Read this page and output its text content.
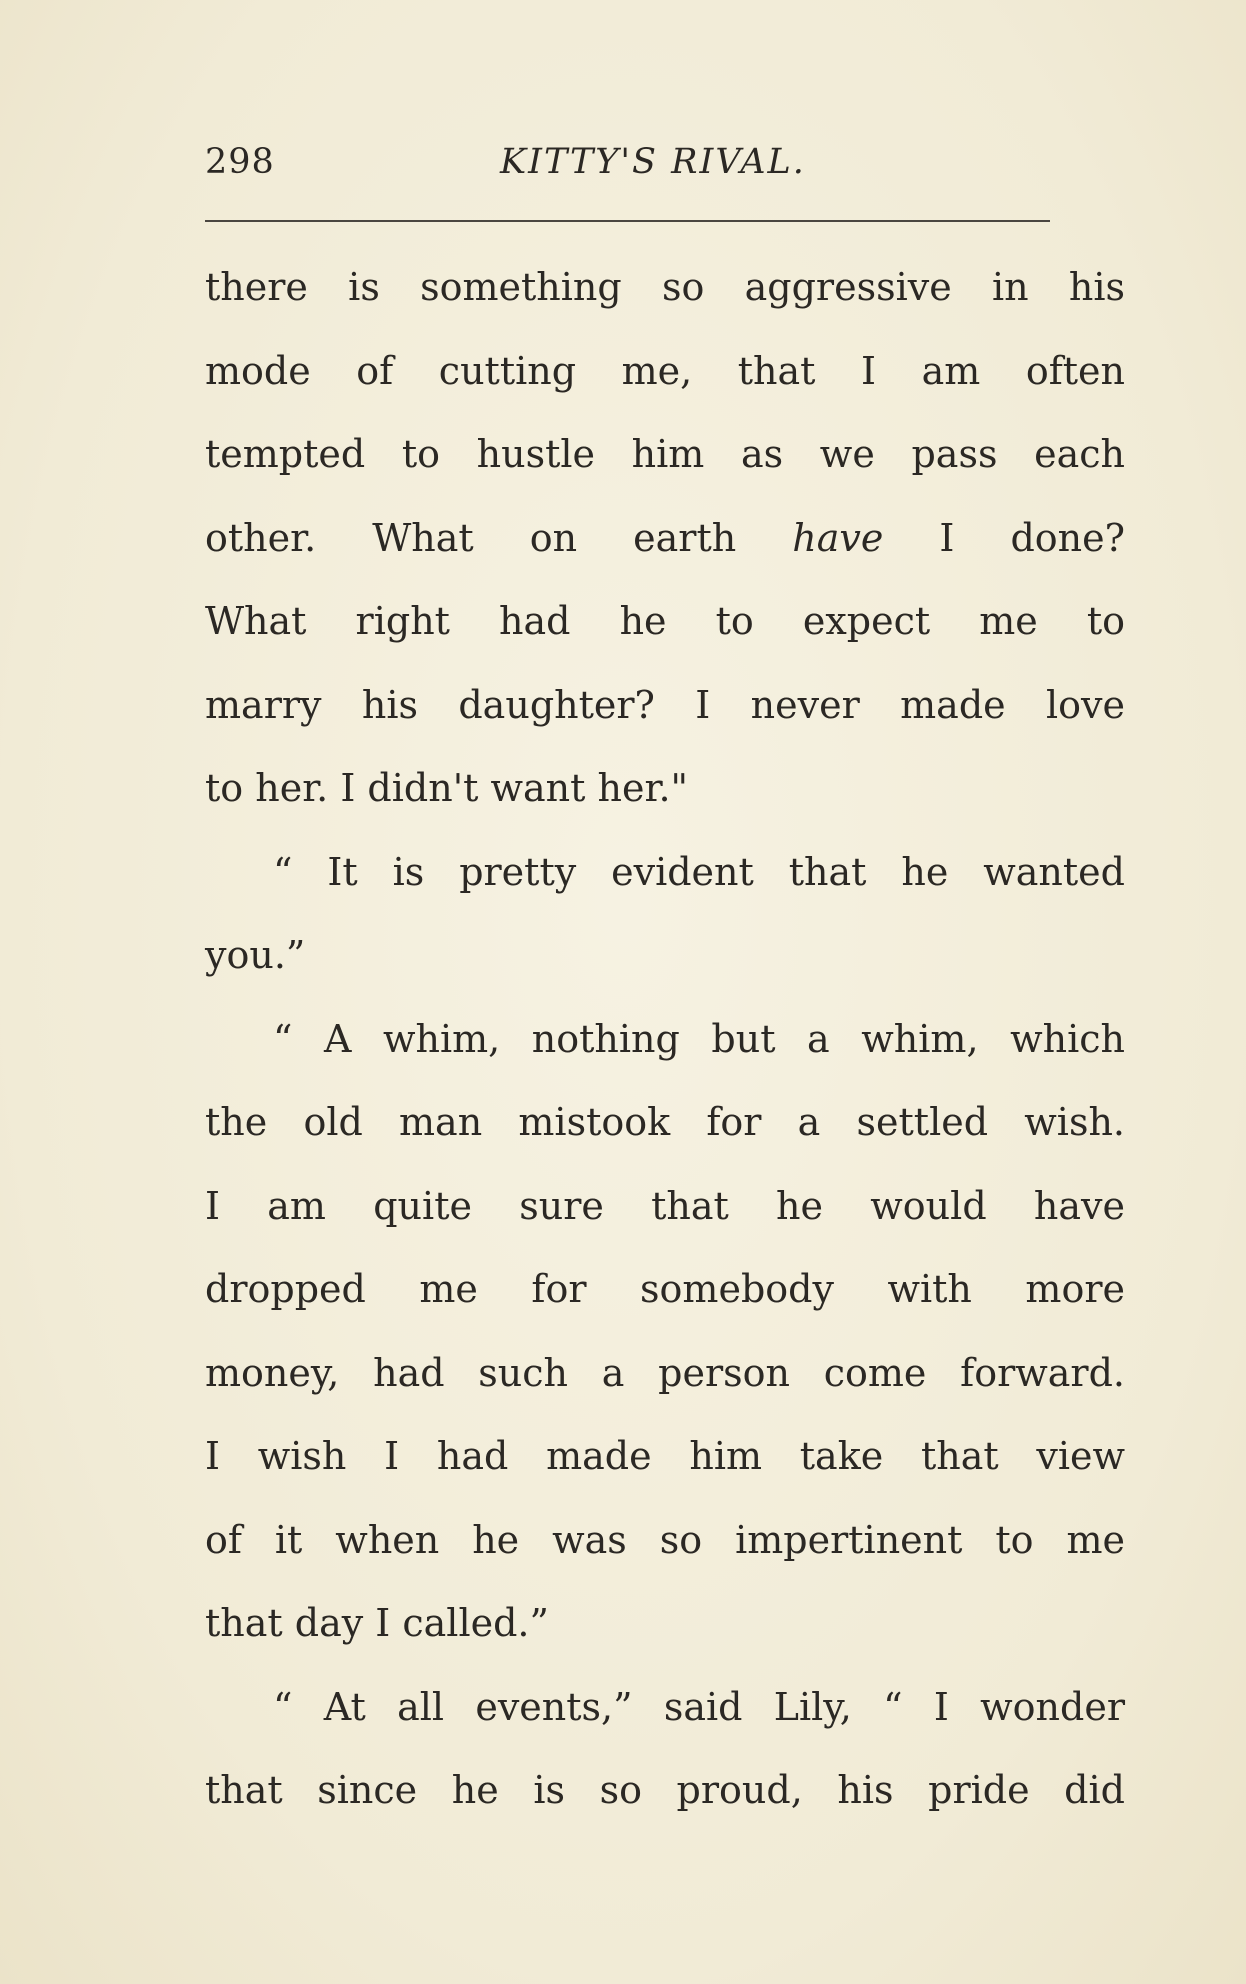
298	KITTY'S RIVAL.
there is something so aggressive in his
mode of cutting me, that I am often
tempted to hustle him as we pass each
other. What on earth have I done?
What right had he to expect me to
marry his daughter? I never made love
to her. I didn't want her."
“ It is pretty evident that he wanted
you.”
“ A whim, nothing but a whim, which
the old man mistook for a settled wish.
I am quite sure that he would have
dropped me for somebody with more
money, had such a person come forward.
I wish I had made him take that view
of it when he was so impertinent to me
that day I called.”
“ At all events,” said Lily, “ I wonder
that since he is so proud, his pride did
